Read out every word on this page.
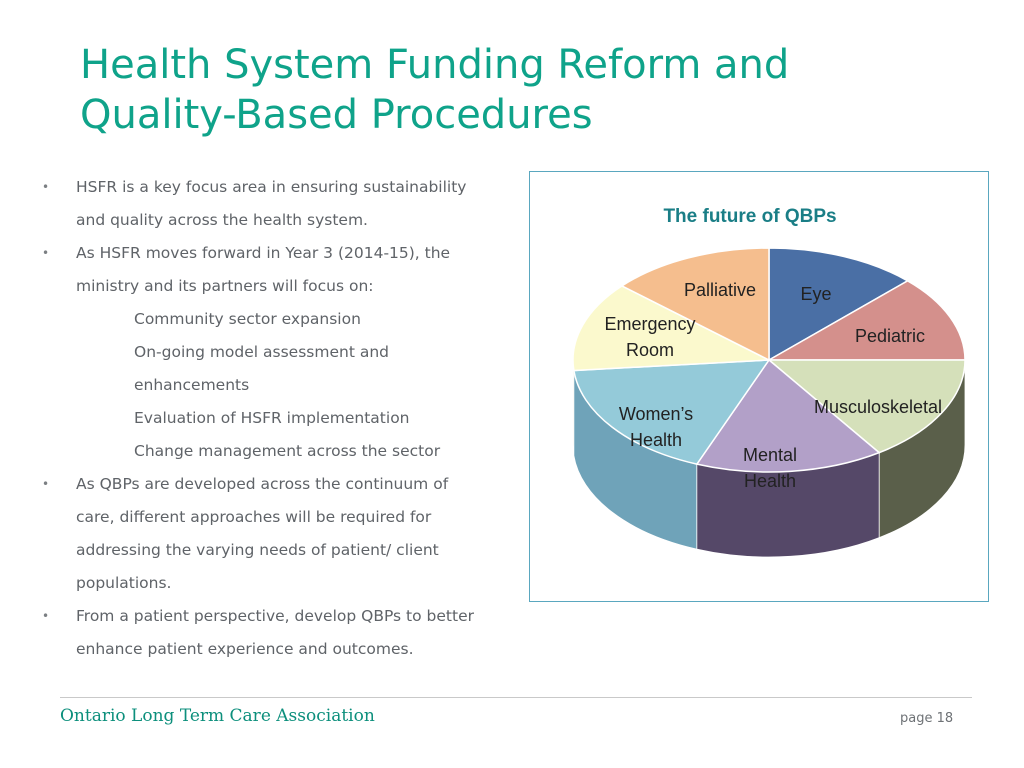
Health System Funding Reform and
Quality-Based Procedures
• HSFR is a key focus area in ensuring sustainability
and quality across the health system.
• As HSFR moves forward in Year 3 (2014-15), the
ministry and its partners will focus on:
Community sector expansion
On-going model assessment and
enhancements
Evaluation of HSFR implementation
Change management across the sector
• As QBPs are developed across the continuum of
care, different approaches will be required for
addressing the varying needs of patient/ client
populations.
• From a patient perspective, develop QBPs to better
enhance patient experience and outcomes.
The future of QBPs
Eye
Pediatric
Musculoskeletal
Mental Health
Women’s Health
Emergency Room
Palliative
Ontario Long Term Care Association	page 18
